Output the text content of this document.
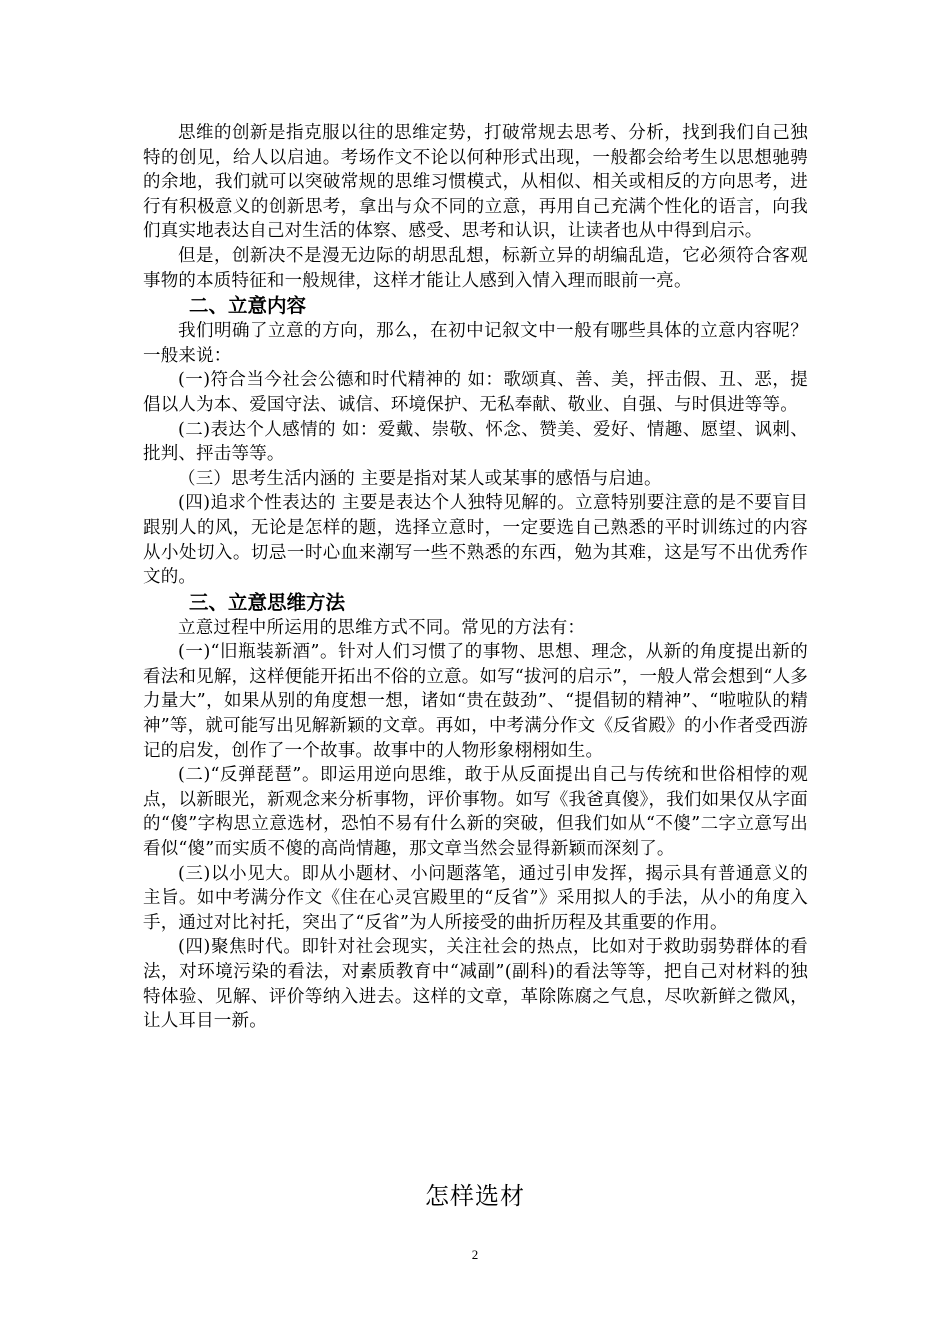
思维的创新是指克服以往的思维定势，打破常规去思考、分析，找到我们自己独特的创见，给人以启迪。考场作文不论以何种形式出现，一般都会给考生以思想驰骋的余地，我们就可以突破常规的思维习惯模式，从相似、相关或相反的方向思考，进行有积极意义的创新思考，拿出与众不同的立意，再用自己充满个性化的语言，向我们真实地表达自己对生活的体察、感受、思考和认识，让读者也从中得到启示。

但是，创新决不是漫无边际的胡思乱想，标新立异的胡编乱造，它必须符合客观事物的本质特征和一般规律，这样才能让人感到入情入理而眼前一亮。

二、立意内容

我们明确了立意的方向，那么，在初中记叙文中一般有哪些具体的立意内容呢？ 一般来说：

(一)符合当今社会公德和时代精神的 如：歌颂真、善、美，抨击假、丑、恶，提倡以人为本、爱国守法、诚信、环境保护、无私奉献、敬业、自强、与时俱进等等。

(二)表达个人感情的 如：爱戴、崇敬、怀念、赞美、爱好、情趣、愿望、讽刺、批判、抨击等等。

（三）思考生活内涵的 主要是指对某人或某事的感悟与启迪。

(四)追求个性表达的 主要是表达个人独特见解的。立意特别要注意的是不要盲目跟别人的风，无论是怎样的题，选择立意时，一定要选自己熟悉的平时训练过的内容从小处切入。切忌一时心血来潮写一些不熟悉的东西，勉为其难，这是写不出优秀作文的。

三、立意思维方法

立意过程中所运用的思维方式不同。常见的方法有：

(一)“旧瓶装新酒”。针对人们习惯了的事物、思想、理念，从新的角度提出新的看法和见解，这样便能开拓出不俗的立意。如写“拔河的启示”，一般人常会想到“人多力量大”，如果从别的角度想一想，诸如“贵在鼓劲”、“提倡韧的精神”、“啦啦队的精神”等，就可能写出见解新颖的文章。再如，中考满分作文《反省殿》的小作者受西游记的启发，创作了一个故事。故事中的人物形象栩栩如生。

(二)“反弹琵琶”。即运用逆向思维，敢于从反面提出自己与传统和世俗相悖的观点，以新眼光，新观念来分析事物，评价事物。如写《我爸真傻》，我们如果仅从字面的“傻”字构思立意选材，恐怕不易有什么新的突破，但我们如从“不傻”二字立意写出看似“傻”而实质不傻的高尚情趣，那文章当然会显得新颖而深刻了。

(三)以小见大。即从小题材、小问题落笔，通过引申发挥，揭示具有普通意义的主旨。如中考满分作文《住在心灵宫殿里的“反省”》采用拟人的手法，从小的角度入手，通过对比衬托，突出了“反省”为人所接受的曲折历程及其重要的作用。

(四)聚焦时代。即针对社会现实，关注社会的热点，比如对于救助弱势群体的看法，对环境污染的看法，对素质教育中“减副”(副科)的看法等等，把自己对材料的独特体验、见解、评价等纳入进去。这样的文章，革除陈腐之气息，尽吹新鲜之微风，让人耳目一新。

怎样选材
2
